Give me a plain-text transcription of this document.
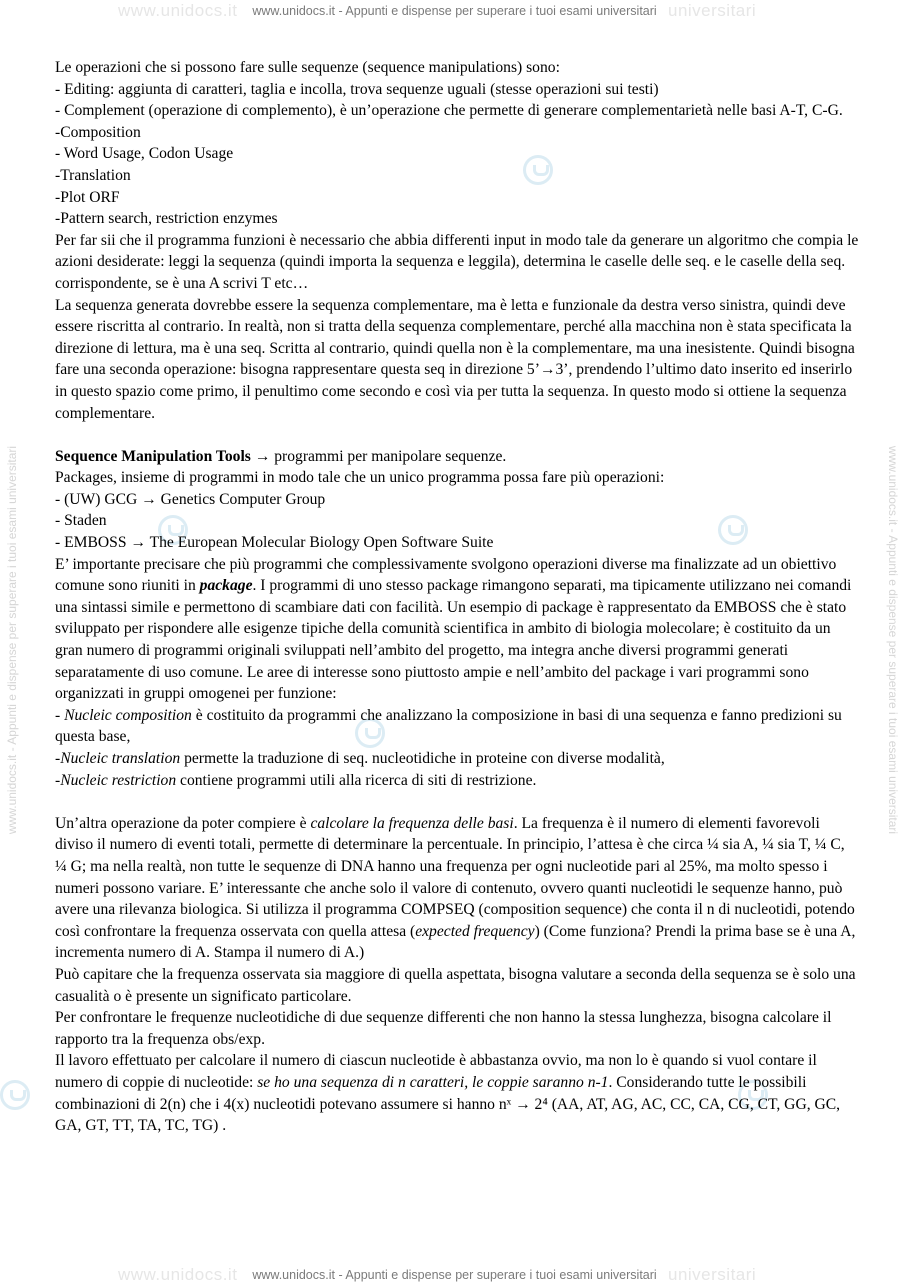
www.unidocs.it	universitari
www.unidocs.it - Appunti e dispense per superare i tuoi esami universitari
www.unidocs.it - Appunti e dispense per superare i tuoi esami universitari	www.unidocs.it - Appunti e dispense per superare i tuoi esami universitari

Le operazioni che si possono fare sulle sequenze (sequence manipulations) sono:

- Editing: aggiunta di caratteri, taglia e incolla, trova sequenze uguali (stesse operazioni sui testi)

- Complement (operazione di complemento), è un’operazione che permette di generare complementarietà nelle basi A-T, C-G.

-Composition

- Word Usage, Codon Usage

-Translation

-Plot ORF

-Pattern search, restriction enzymes

Per far sii che il programma funzioni è necessario che abbia differenti input in modo tale da generare un algoritmo che compia le azioni desiderate: leggi la sequenza (quindi importa la sequenza e leggila), determina le caselle delle seq. e le caselle della seq. corrispondente, se è una A scrivi T etc…

La sequenza generata dovrebbe essere la sequenza complementare, ma è letta e funzionale da destra verso sinistra, quindi deve essere riscritta al contrario. In realtà, non si tratta della sequenza complementare, perché alla macchina non è stata specificata la direzione di lettura, ma è una seq. Scritta al contrario, quindi quella non è la complementare, ma una inesistente. Quindi bisogna fare una seconda operazione: bisogna rappresentare questa seq in direzione 5’→3’, prendendo l’ultimo dato inserito ed inserirlo in questo spazio come primo, il penultimo come secondo e così via per tutta la sequenza. In questo modo si ottiene la sequenza complementare.

Sequence Manipulation Tools → programmi per manipolare sequenze.

Packages, insieme di programmi in modo tale che un unico programma possa fare più operazioni:

- (UW) GCG → Genetics Computer Group

- Staden

- EMBOSS → The European Molecular Biology Open Software Suite

E’ importante precisare che più programmi che complessivamente svolgono operazioni diverse ma finalizzate ad un obiettivo comune sono riuniti in package. I programmi di uno stesso package rimangono separati, ma tipicamente utilizzano nei comandi una sintassi simile e permettono di scambiare dati con facilità. Un esempio di package è rappresentato da EMBOSS che è stato sviluppato per rispondere alle esigenze tipiche della comunità scientifica in ambito di biologia molecolare; è costituito da un gran numero di programmi originali sviluppati nell’ambito del progetto, ma integra anche diversi programmi generati separatamente di uso comune. Le aree di interesse sono piuttosto ampie e nell’ambito del package i vari programmi sono organizzati in gruppi omogenei per funzione:

- Nucleic composition è costituito da programmi che analizzano la composizione in basi di una sequenza e fanno predizioni su questa base,

-Nucleic translation permette la traduzione di seq. nucleotidiche in proteine con diverse modalità,

-Nucleic restriction contiene programmi utili alla ricerca di siti di restrizione.

Un’altra operazione da poter compiere è calcolare la frequenza delle basi. La frequenza è il numero di elementi favorevoli diviso il numero di eventi totali, permette di determinare la percentuale. In principio, l’attesa è che circa ¼ sia A, ¼ sia T, ¼ C, ¼ G; ma nella realtà, non tutte le sequenze di DNA hanno una frequenza per ogni nucleotide pari al 25%, ma molto spesso i numeri possono variare. E’ interessante che anche solo il valore di contenuto, ovvero quanti nucleotidi le sequenze hanno, può avere una rilevanza biologica. Si utilizza il programma COMPSEQ (composition sequence) che conta il n di nucleotidi, potendo così confrontare la frequenza osservata con quella attesa (expected frequency) (Come funziona? Prendi la prima base se è una A, incrementa numero di A. Stampa il numero di A.)

Può capitare che la frequenza osservata sia maggiore di quella aspettata, bisogna valutare a seconda della sequenza se è solo una casualità o è presente un significato particolare.

Per confrontare le frequenze nucleotidiche di due sequenze differenti che non hanno la stessa lunghezza, bisogna calcolare il rapporto tra la frequenza obs/exp.

Il lavoro effettuato per calcolare il numero di ciascun nucleotide è abbastanza ovvio, ma non lo è quando si vuol contare il numero di coppie di nucleotide: se ho una sequenza di n caratteri, le coppie saranno n-1. Considerando tutte le possibili combinazioni di 2(n) che i 4(x) nucleotidi potevano assumere si hanno nˣ → 2⁴ (AA, AT, AG, AC, CC, CA, CG, CT, GG, GC, GA, GT, TT, TA, TC, TG) .

www.unidocs.it	universitari
www.unidocs.it - Appunti e dispense per superare i tuoi esami universitari
